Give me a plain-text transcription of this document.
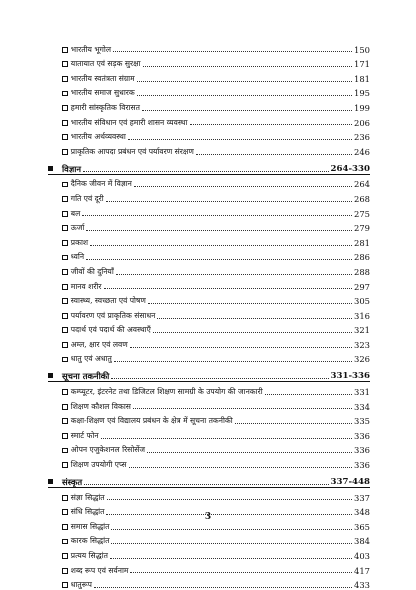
भारतीय भूगोल	150
यातायात एवं सड़क सुरक्षा	171
भारतीय स्वतंत्रता संग्राम	181
भारतीय समाज सुधारक	195
हमारी सांस्कृतिक विरासत	199
भारतीय संविधान एवं हमारी शासन व्यवस्था	206
भारतीय अर्थव्यवस्था	236
प्राकृतिक आपदा प्रबंधन एवं पर्यावरण संरक्षण	246
विज्ञान	264-330
दैनिक जीवन में विज्ञान	264
गति एवं दूरी	268
बल	275
ऊर्जा	279
प्रकाश	281
ध्वनि	286
जीवों की दुनियाँ	288
मानव शरीर	297
स्वास्थ्य, स्वच्छता एवं पोषण	305
पर्यावरण एवं प्राकृतिक संसाधन	316
पदार्थ एवं पदार्थ की अवस्थाएँ	321
अम्ल, क्षार एवं लवण	323
धातु एवं अधातु	326
सूचना तकनीकी	331-336
कम्प्यूटर, इंटरनेट तथा डिजिटल शिक्षण सामग्री के उपयोग की जानकारी	331
शिक्षण कौशल विकास	334
कक्षा-शिक्षण एवं विद्यालय प्रबंधन के क्षेत्र में सूचना तकनीकी	335
स्मार्ट फोन	336
ओपन एजुकेशनल रिसोर्सेज	336
शिक्षण उपयोगी एप्स	336
संस्कृत	337-448
संज्ञा सिद्धांत	337
संधि सिद्धांत	348
समास सिद्धांत	365
कारक सिद्धांत	384
प्रत्यय सिद्धांत	403
शब्द रूप एवं सर्वनाम	417
धातुरूप	433
3
